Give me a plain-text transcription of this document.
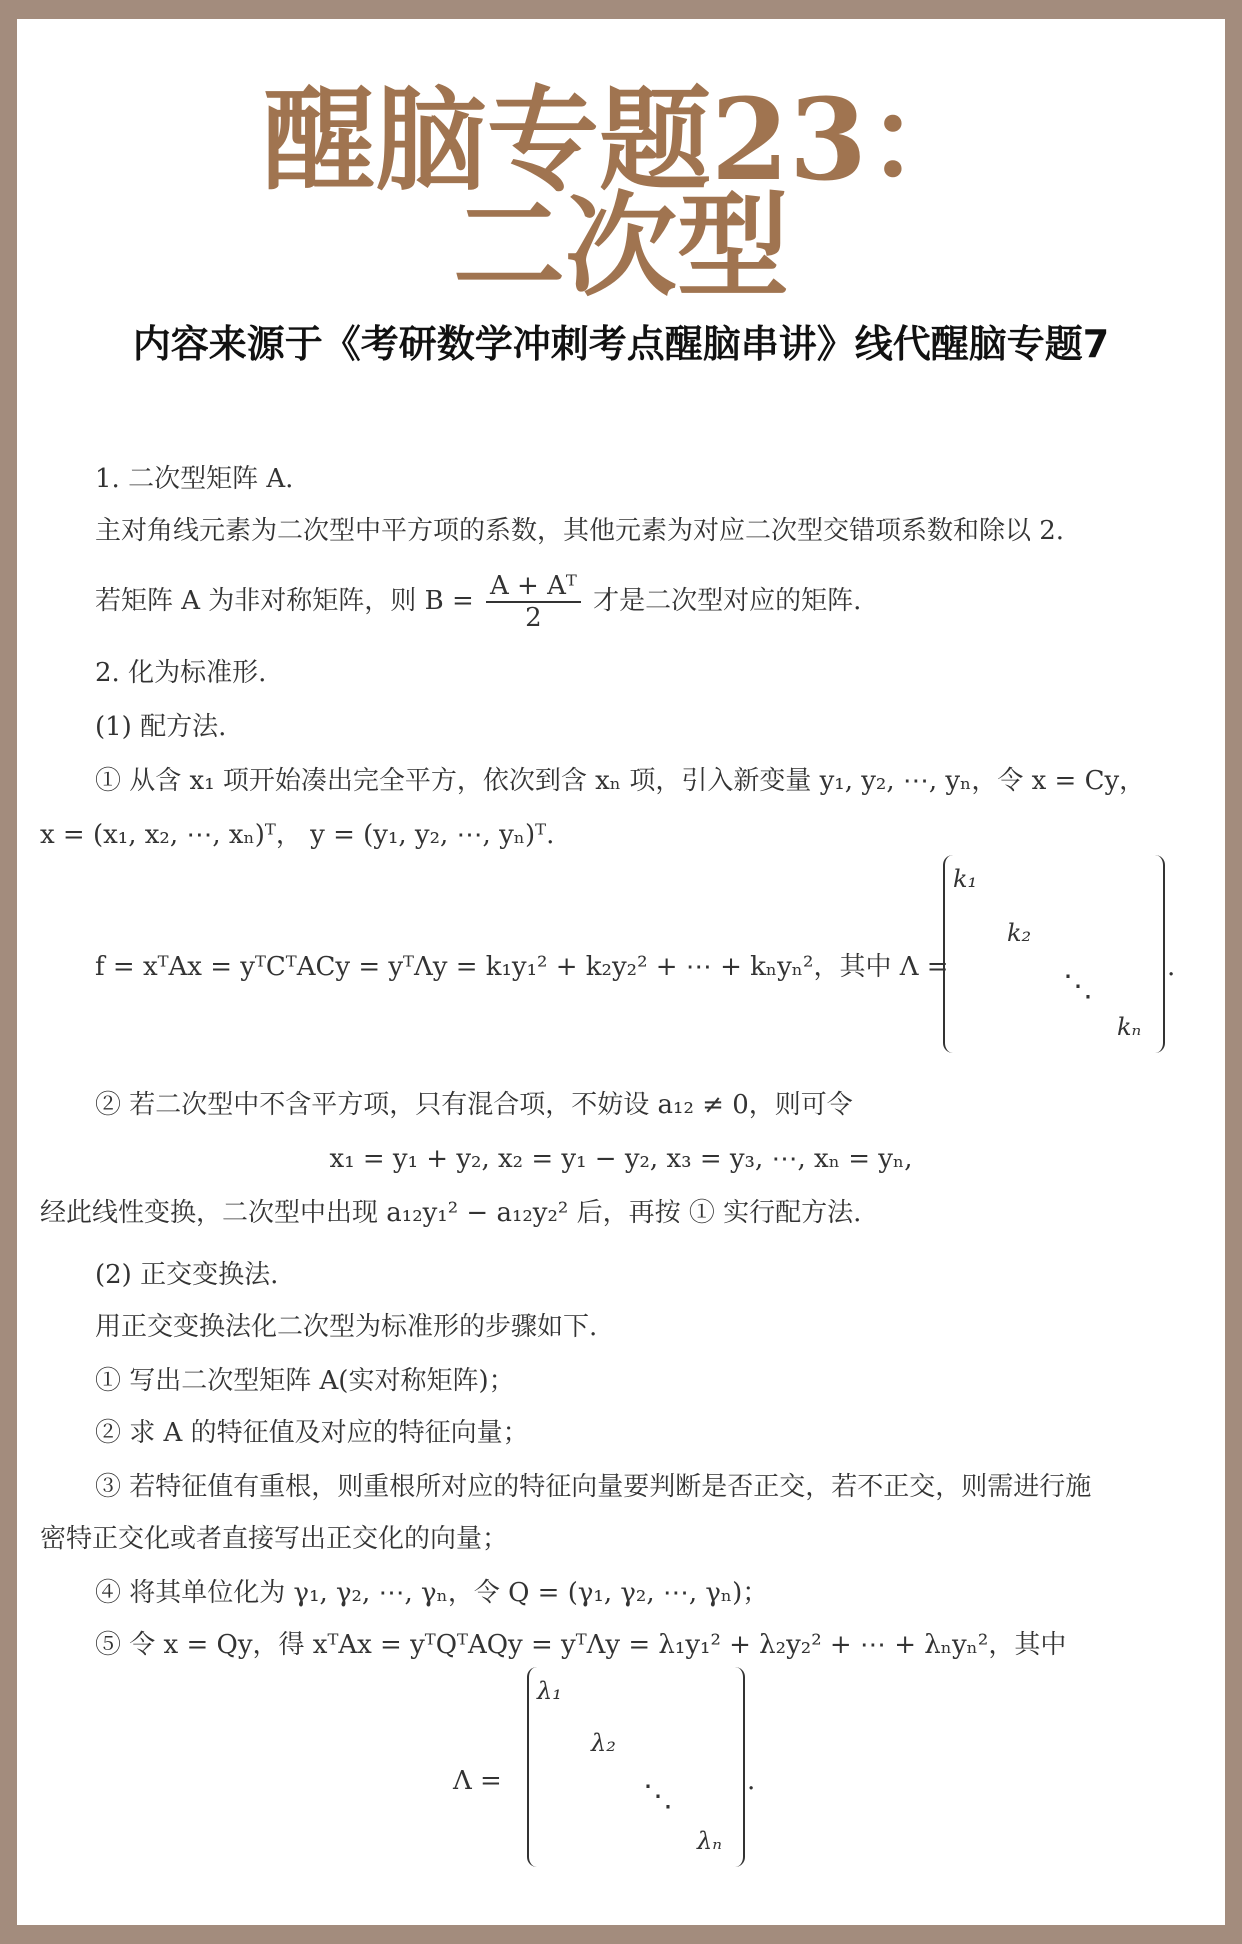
醒脑专题23：
二次型
内容来源于《考研数学冲刺考点醒脑串讲》线代醒脑专题7
1. 二次型矩阵 A.
主对角线元素为二次型中平方项的系数，其他元素为对应二次型交错项系数和除以 2.
若矩阵 A 为非对称矩阵，则 $B = \frac{\text{A + Aᵀ}}{2}$ 才是二次型对应的矩阵.
2. 化为标准形.
(1) 配方法.
① 从含 x₁ 项开始凑出完全平方，依次到含 xₙ 项，引入新变量 y₁, y₂, ⋯, yₙ，令 x = Cy，
x = (x₁, x₂, ⋯, xₙ)ᵀ， y = (y₁, y₂, ⋯, yₙ)ᵀ.
f = xᵀAx = yᵀCᵀACy = yᵀΛy = k₁y₁² + k₂y₂² + ⋯ + kₙyₙ²，其中 Λ =
k₁
k₂
⋱
kₙ
.
② 若二次型中不含平方项，只有混合项，不妨设 a₁₂ ≠ 0，则可令
x₁ = y₁ + y₂, x₂ = y₁ − y₂, x₃ = y₃, ⋯, xₙ = yₙ,
经此线性变换，二次型中出现 a₁₂y₁² − a₁₂y₂² 后，再按 ① 实行配方法.
(2) 正交变换法.
用正交变换法化二次型为标准形的步骤如下.
① 写出二次型矩阵 A(实对称矩阵)；
② 求 A 的特征值及对应的特征向量；
③ 若特征值有重根，则重根所对应的特征向量要判断是否正交，若不正交，则需进行施
密特正交化或者直接写出正交化的向量；
④ 将其单位化为 γ₁, γ₂, ⋯, γₙ，令 Q = (γ₁, γ₂, ⋯, γₙ)；
⑤ 令 x = Qy，得 xᵀAx = yᵀQᵀAQy = yᵀΛy = λ₁y₁² + λ₂y₂² + ⋯ + λₙyₙ²，其中
Λ =
λ₁
λ₂
⋱
λₙ
.
